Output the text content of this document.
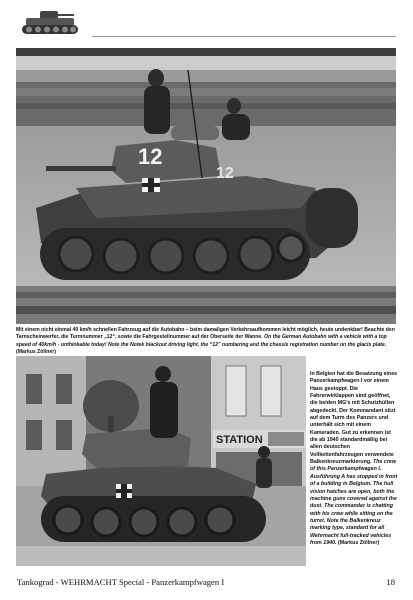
12
12
Mit einem nicht einmal 40 km/h schnellen Fahrzeug auf die Autobahn – beim damaligen Verkehrsaufkommen leicht möglich, heute undenkbar! Beachte den Tarnscheinwerfer, die Turmnummer „12“, sowie die Fahrgestellnummer auf der Oberseite der Wanne. On the German Autobahn with a vehicle with a top speed of 40km/h - unthinkable today! Note the Notek blackout driving light, the “12” numbering and the chassis registration number on the glacis plate. (Markus Zöllner)
STATION
In Belgien hat die Besatzung eines Panzerkampfwagen I vor einem Haus gestoppt. Die Fahrerwirklappen sind geöffnet, die beiden MG’s mit Schutzhüllen abgedeckt. Der Kommandant sitzt auf dem Turm des Panzers und unterhält sich mit einem Kameraden. Gut zu erkennen ist die ab 1940 standardmäßig bei allen deutschen Vollkettenfahrzeugen verwendete Balkenkreuzmarkierung. The crew of this Panzerkampfwagen I, Ausführung A has stopped in front of a building in Belgium. The hull vision hatches are open, both the machine guns covered against the dust. The commander is chatting with his crew while sitting on the turret. Note the Balkenkreuz marking type, standard for all Wehrmacht full-tracked vehicles from 1940. (Markus Zöllner)
Tankograd - WEHRMACHT Special - Panzerkampfwagen I	18
